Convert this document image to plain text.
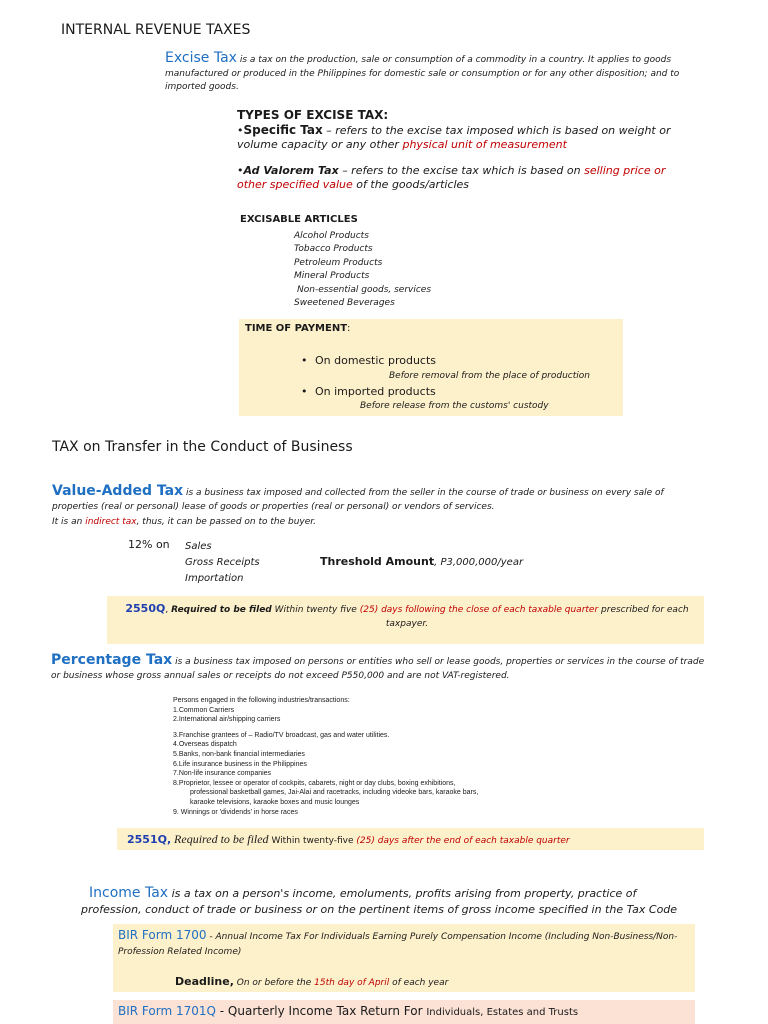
INTERNAL REVENUE TAXES
Excise Tax is a tax on the production, sale or consumption of a commodity in a country. It applies to goods manufactured or produced in the Philippines for domestic sale or consumption or for any other disposition; and to imported goods.
TYPES OF EXCISE TAX:
•Specific Tax – refers to the excise tax imposed which is based on weight or volume capacity or any other physical unit of measurement
•Ad Valorem Tax – refers to the excise tax which is based on selling price or other specified value of the goods/articles
EXCISABLE ARTICLES
Alcohol Products
Tobacco Products
Petroleum Products
Mineral Products
Non-essential goods, services
Sweetened Beverages
TIME OF PAYMENT:
• On domestic products
Before removal from the place of production
• On imported products
Before release from the customs' custody
TAX on Transfer in the Conduct of Business
Value-Added Tax is a business tax imposed and collected from the seller in the course of trade or business on every sale of properties (real or personal) lease of goods or properties (real or personal) or vendors of services.
It is an indirect tax, thus, it can be passed on to the buyer.
12% on Sales
Gross Receipts
Importation
Threshold Amount, P3,000,000/year
2550Q, Required to be filed Within twenty five (25) days following the close of each taxable quarter prescribed for each taxpayer.
Percentage Tax is a business tax imposed on persons or entities who sell or lease goods, properties or services in the course of trade or business whose gross annual sales or receipts do not exceed P550,000 and are not VAT-registered.
Persons engaged in the following industries/transactions:
1.Common Carriers
2.International air/shipping carriers
3.Franchise grantees of – Radio/TV broadcast, gas and water utilities.
4.Overseas dispatch
5.Banks, non-bank financial intermediaries
6.Life insurance business in the Philippines
7.Non-life insurance companies
8.Proprietor, lessee or operator of cockpits, cabarets, night or day clubs, boxing exhibitions,
professional basketball games, Jai-Alai and racetracks, including videoke bars, karaoke bars,
karaoke televisions, karaoke boxes and music lounges
9. Winnings or 'dividends' in horse races
2551Q, Required to be filed Within twenty-five (25) days after the end of each taxable quarter
Income Tax is a tax on a person's income, emoluments, profits arising from property, practice of profession, conduct of trade or business or on the pertinent items of gross income specified in the Tax Code
BIR Form 1700 - Annual Income Tax For Individuals Earning Purely Compensation Income (Including Non-Business/Non-Profession Related Income)
Deadline, On or before the 15th day of April of each year
BIR Form 1701Q - Quarterly Income Tax Return For Individuals, Estates and Trusts
